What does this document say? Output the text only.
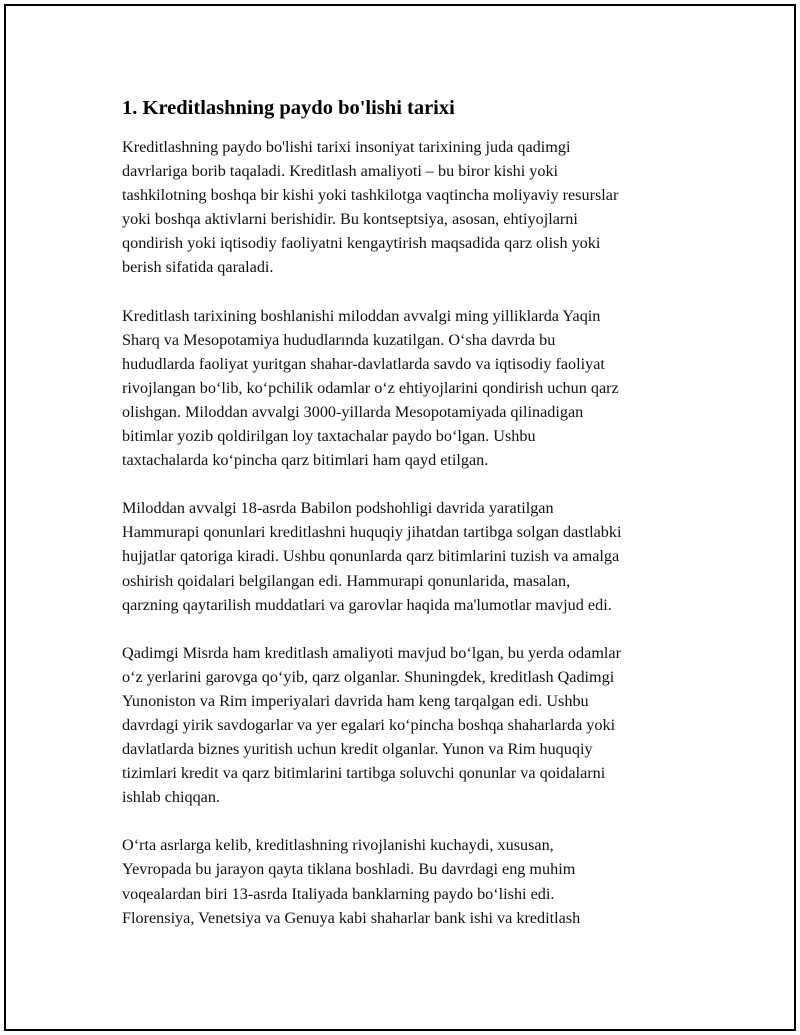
1. Kreditlashning paydo bo'lishi tarixi
Kreditlashning paydo bo'lishi tarixi insoniyat tarixining juda qadimgi
davrlariga borib taqaladi. Kreditlash amaliyoti – bu biror kishi yoki
tashkilotning boshqa bir kishi yoki tashkilotga vaqtincha moliyaviy resurslar
yoki boshqa aktivlarni berishidir. Bu kontseptsiya, asosan, ehtiyojlarni
qondirish yoki iqtisodiy faoliyatni kengaytirish maqsadida qarz olish yoki
berish sifatida qaraladi.
Kreditlash tarixining boshlanishi miloddan avvalgi ming yilliklarda Yaqin
Sharq va Mesopotamiya hududlarında kuzatilgan. O‘sha davrda bu
hududlarda faoliyat yuritgan shahar-davlatlarda savdo va iqtisodiy faoliyat
rivojlangan bo‘lib, ko‘pchilik odamlar o‘z ehtiyojlarini qondirish uchun qarz
olishgan. Miloddan avvalgi 3000-yillarda Mesopotamiyada qilinadigan
bitimlar yozib qoldirilgan loy taxtachalar paydo bo‘lgan. Ushbu
taxtachalarda ko‘pincha qarz bitimlari ham qayd etilgan.
Miloddan avvalgi 18-asrda Babilon podshohligi davrida yaratilgan
Hammurapi qonunlari kreditlashni huquqiy jihatdan tartibga solgan dastlabki
hujjatlar qatoriga kiradi. Ushbu qonunlarda qarz bitimlarini tuzish va amalga
oshirish qoidalari belgilangan edi. Hammurapi qonunlarida, masalan,
qarzning qaytarilish muddatlari va garovlar haqida ma'lumotlar mavjud edi.
Qadimgi Misrda ham kreditlash amaliyoti mavjud bo‘lgan, bu yerda odamlar
o‘z yerlarini garovga qo‘yib, qarz olganlar. Shuningdek, kreditlash Qadimgi
Yunoniston va Rim imperiyalari davrida ham keng tarqalgan edi. Ushbu
davrdagi yirik savdogarlar va yer egalari ko‘pincha boshqa shaharlarda yoki
davlatlarda biznes yuritish uchun kredit olganlar. Yunon va Rim huquqiy
tizimlari kredit va qarz bitimlarini tartibga soluvchi qonunlar va qoidalarni
ishlab chiqqan.
O‘rta asrlarga kelib, kreditlashning rivojlanishi kuchaydi, xususan,
Yevropada bu jarayon qayta tiklana boshladi. Bu davrdagi eng muhim
voqealardan biri 13-asrda Italiyada banklarning paydo bo‘lishi edi.
Florensiya, Venetsiya va Genuya kabi shaharlar bank ishi va kreditlash
